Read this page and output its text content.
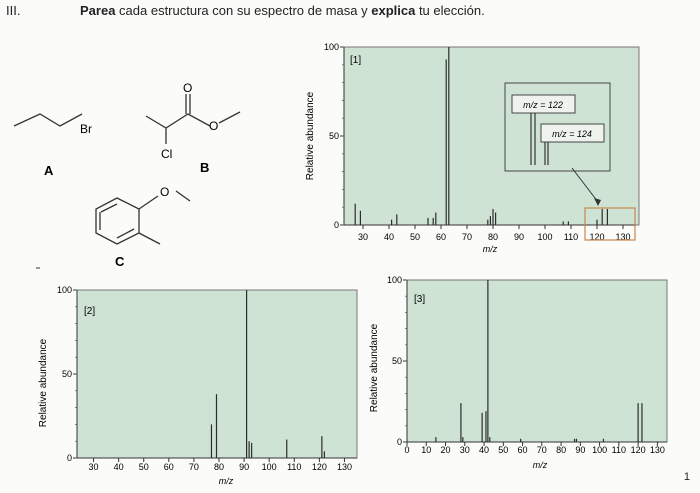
III.	Parea cada estructura con su espectro de masa y explica tu elección.
Br
A
O
O
Cl
B
O
C
[1]
Relative abundance
m/z
30 40 50 60 70 80 90 100 110 120 130
0
50
100
m/z = 122
m/z = 124
[2]
Relative abundance
m/z
30 40 50 60 70 80 90 100 110 120 130
0
50
100
[3]
Relative abundance
m/z
0 10 20 30 40 50 60 70 80 90 100 110 120 130
0
50
100
1
